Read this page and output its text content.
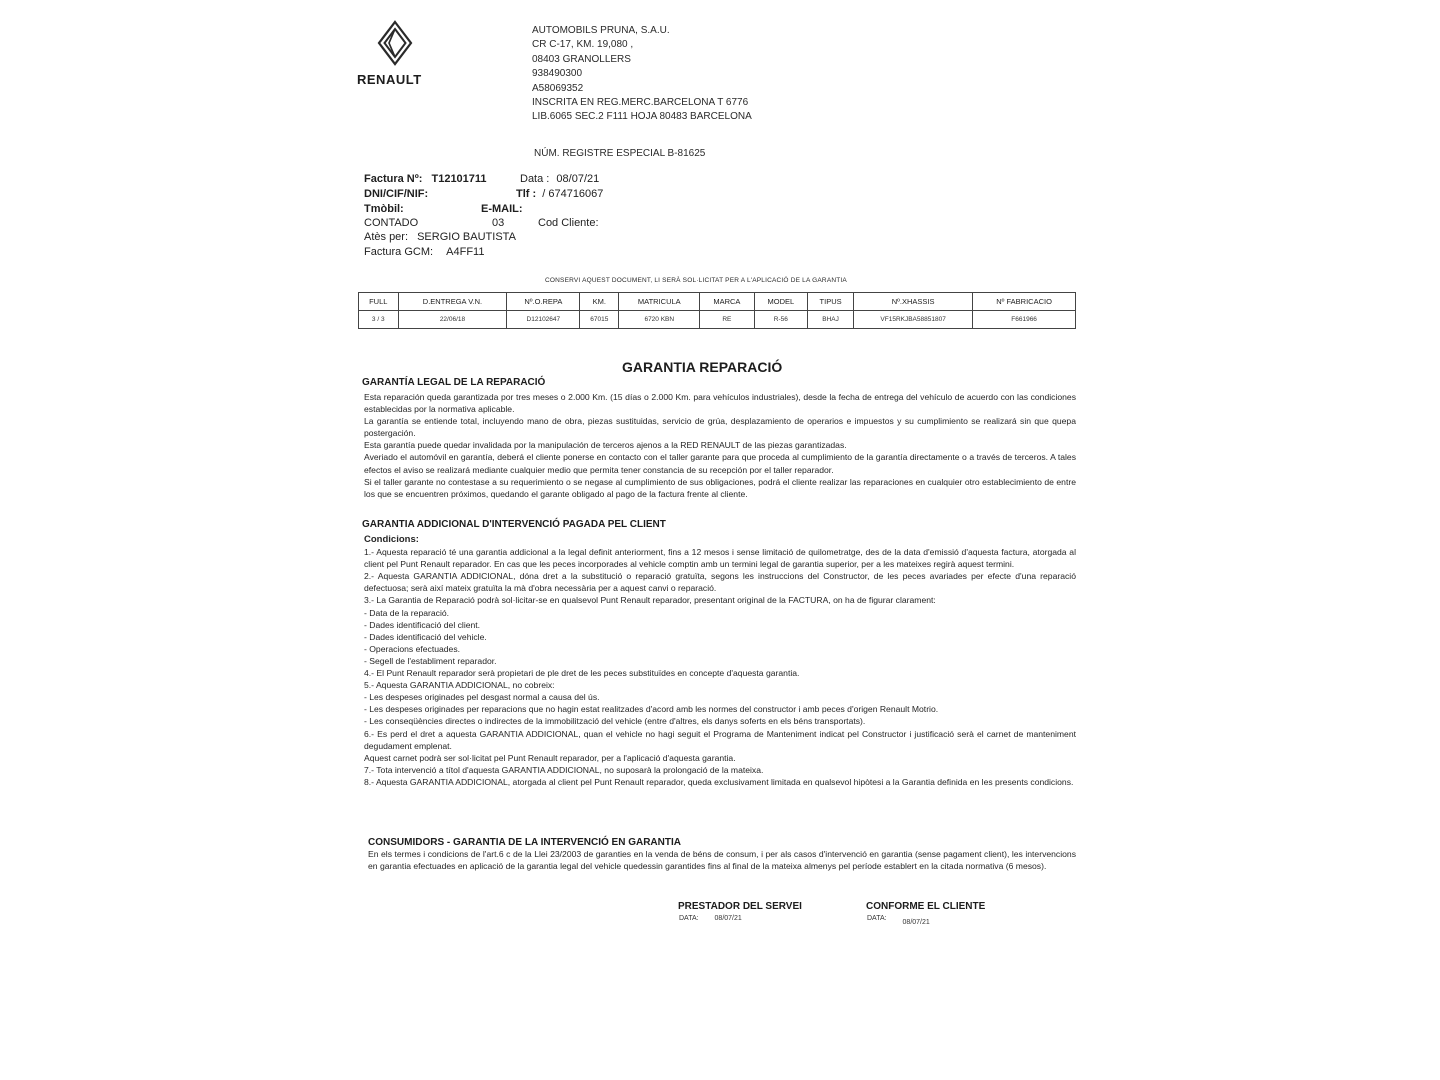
RENAULT
AUTOMOBILS PRUNA, S.A.U.
CR C-17, KM. 19,080 ,
08403 GRANOLLERS
938490300
A58069352
INSCRITA EN REG.MERC.BARCELONA T 6776
LIB.6065 SEC.2 F111 HOJA 80483 BARCELONA
NÚM. REGISTRE ESPECIAL B-81625
Factura Nº: T12101711	Data : 08/07/21
DNI/CIF/NIF:	Tlf : / 674716067
Tmòbil:	E-MAIL:
CONTADO	03	Cod Cliente:
Atès per: SERGIO BAUTISTA
Factura GCM: A4FF11
CONSERVI AQUEST DOCUMENT, LI SERÀ SOL·LICITAT PER A L'APLICACIÓ DE LA GARANTIA
FULL	D.ENTREGA V.N.	Nº.O.REPA	KM.	MATRICULA	MARCA	MODEL	TIPUS	Nº.XHASSIS	Nº FABRICACIO
3 / 3	22/06/18	D12102647	67015	6720 KBN	RE	R-56	BHAJ	VF15RKJBA58851807	F661966
GARANTIA REPARACIÓ
GARANTÍA LEGAL DE LA REPARACIÓ

Esta reparación queda garantizada por tres meses o 2.000 Km. (15 días o 2.000 Km. para vehículos industriales), desde la fecha de entrega del vehículo de acuerdo con las condiciones establecidas por la normativa aplicable.

La garantía se entiende total, incluyendo mano de obra, piezas sustituidas, servicio de grúa, desplazamiento de operarios e impuestos y su cumplimiento se realizará sin que quepa postergación.

Esta garantía puede quedar invalidada por la manipulación de terceros ajenos a la RED RENAULT de las piezas garantizadas.

Averiado el automóvil en garantía, deberá el cliente ponerse en contacto con el taller garante para que proceda al cumplimiento de la garantía directamente o a través de terceros. A tales efectos el aviso se realizará mediante cualquier medio que permita tener constancia de su recepción por el taller reparador.

Si el taller garante no contestase a su requerimiento o se negase al cumplimiento de sus obligaciones, podrá el cliente realizar las reparaciones en cualquier otro establecimiento de entre los que se encuentren próximos, quedando el garante obligado al pago de la factura frente al cliente.

GARANTIA ADDICIONAL D'INTERVENCIÓ PAGADA PEL CLIENT

Condicions:

1.- Aquesta reparació té una garantia addicional a la legal definit anteriorment, fins a 12 mesos i sense limitació de quilometratge, des de la data d'emissió d'aquesta factura, atorgada al client pel Punt Renault reparador. En cas que les peces incorporades al vehicle comptin amb un termini legal de garantia superior, per a les mateixes regirà aquest termini.

2.- Aquesta GARANTIA ADDICIONAL, dóna dret a la substitució o reparació gratuïta, segons les instruccions del Constructor, de les peces avariades per efecte d'una reparació defectuosa; serà així mateix gratuïta la mà d'obra necessària per a aquest canvi o reparació.

3.- La Garantia de Reparació podrà sol·licitar-se en qualsevol Punt Renault reparador, presentant original de la FACTURA, on ha de figurar clarament:

- Data de la reparació.

- Dades identificació del client.

- Dades identificació del vehicle.

- Operacions efectuades.

- Segell de l'establiment reparador.

4.- El Punt Renault reparador serà propietari de ple dret de les peces substituïdes en concepte d'aquesta garantia.

5.- Aquesta GARANTIA ADDICIONAL, no cobreix:

- Les despeses originades pel desgast normal a causa del ús.

- Les despeses originades per reparacions que no hagin estat realitzades d'acord amb les normes del constructor i amb peces d'origen Renault Motrio.

- Les conseqüències directes o indirectes de la immobilització del vehicle (entre d'altres, els danys soferts en els béns transportats).

6.- Es perd el dret a aquesta GARANTIA ADDICIONAL, quan el vehicle no hagi seguit el Programa de Manteniment indicat pel Constructor i justificació serà el carnet de manteniment degudament emplenat.

Aquest carnet podrà ser sol·licitat pel Punt Renault reparador, per a l'aplicació d'aquesta garantia.

7.- Tota intervenció a títol d'aquesta GARANTIA ADDICIONAL, no suposarà la prolongació de la mateixa.

8.- Aquesta GARANTIA ADDICIONAL, atorgada al client pel Punt Renault reparador, queda exclusivament limitada en qualsevol hipòtesi a la Garantia definida en les presents condicions.

CONSUMIDORS - GARANTIA DE LA INTERVENCIÓ EN GARANTIA

En els termes i condicions de l'art.6 c de la Llei 23/2003 de garanties en la venda de béns de consum, i per als casos d'intervenció en garantia (sense pagament client), les intervencions en garantia efectuades en aplicació de la garantia legal del vehicle quedessin garantides fins al final de la mateixa almenys pel període establert en la citada normativa (6 mesos).

PRESTADOR DEL SERVEI
DATA: 08/07/21
CONFORME EL CLIENTE
DATA: 08/07/21
